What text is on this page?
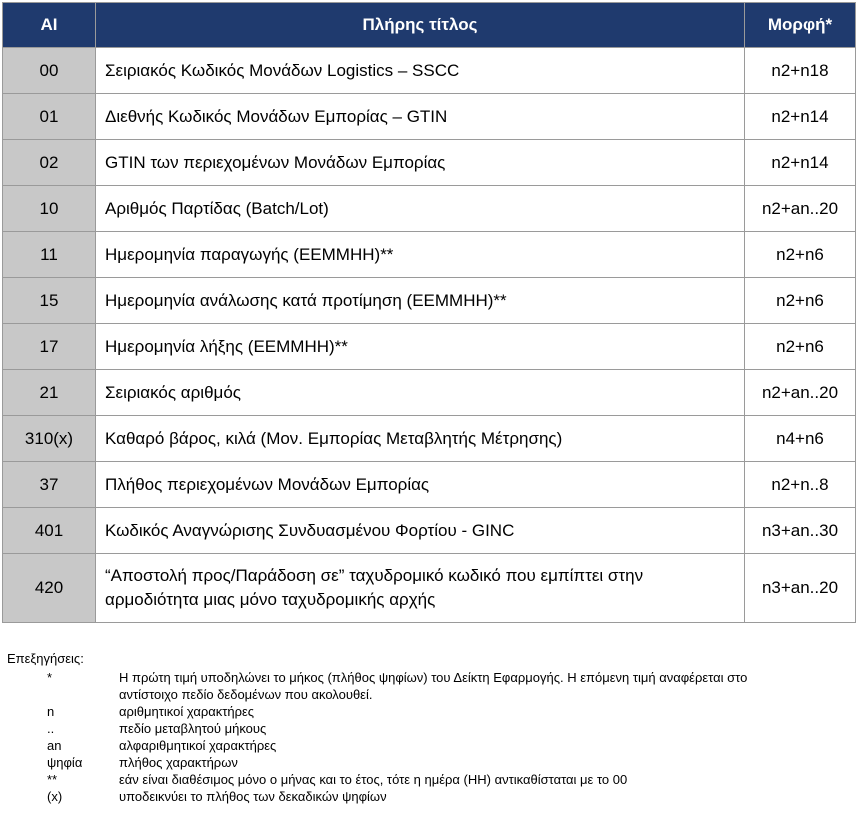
AI	Πλήρης τίτλος	Μορφή*
00	Σειριακός Κωδικός Μονάδων Logistics – SSCC	n2+n18
01	Διεθνής Κωδικός Μονάδων Εμπορίας – GTIN	n2+n14
02	GTIN των περιεχομένων Μονάδων Εμπορίας	n2+n14
10	Αριθμός Παρτίδας (Batch/Lot)	n2+an..20
11	Ημερομηνία παραγωγής (ΕΕΜΜΗΗ)**	n2+n6
15	Ημερομηνία ανάλωσης κατά προτίμηση (ΕΕΜΜΗΗ)**	n2+n6
17	Ημερομηνία λήξης (ΕΕΜΜΗΗ)**	n2+n6
21	Σειριακός αριθμός	n2+an..20
310(x)	Καθαρό βάρος, κιλά (Μον. Εμπορίας Μεταβλητής Μέτρησης)	n4+n6
37	Πλήθος περιεχομένων Μονάδων Εμπορίας	n2+n..8
401	Κωδικός Αναγνώρισης Συνδυασμένου Φορτίου - GINC	n3+an..30
420	“Αποστολή προς/Παράδοση σε” ταχυδρομικό κωδικό που εμπίπτει στην αρμοδιότητα μιας μόνο ταχυδρομικής αρχής	n3+an..20
Επεξηγήσεις:
*	Η πρώτη τιμή υποδηλώνει το μήκος (πλήθος ψηφίων) του Δείκτη Εφαρμογής. Η επόμενη τιμή αναφέρεται στο αντίστοιχο πεδίο δεδομένων που ακολουθεί.
n	αριθμητικοί χαρακτήρες
..	πεδίο μεταβλητού μήκους
an	αλφαριθμητικοί χαρακτήρες
ψηφία	πλήθος χαρακτήρων
**	εάν είναι διαθέσιμος μόνο ο μήνας και το έτος, τότε η ημέρα (ΗΗ) αντικαθίσταται με το 00
(x)	υποδεικνύει το πλήθος των δεκαδικών ψηφίων
